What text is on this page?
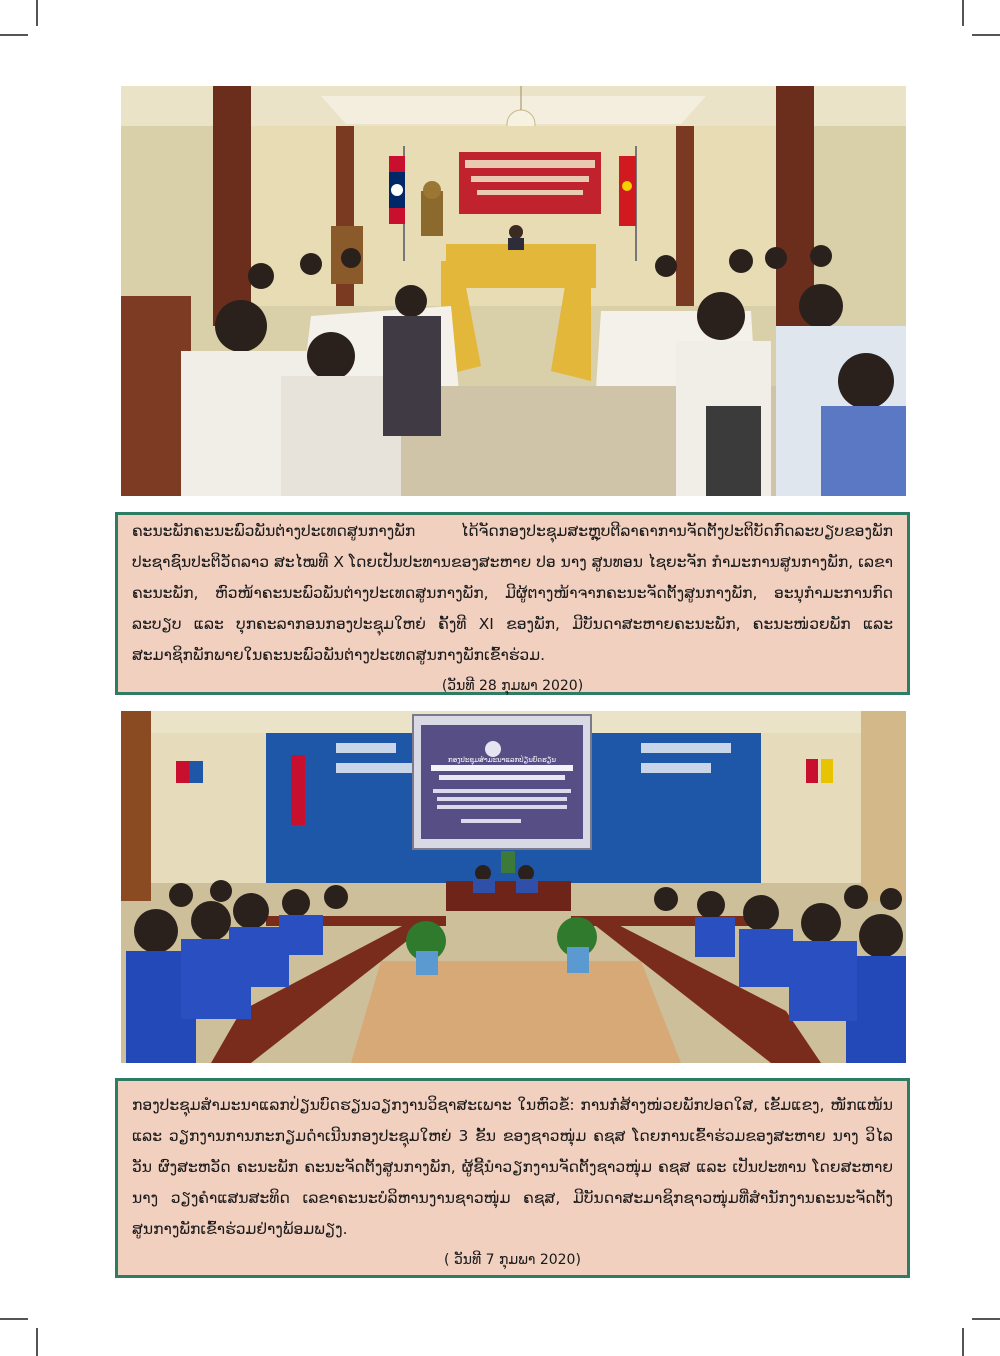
ຄະນະພັກຄະນະພົວພັນຕ່າງປະເທດສູນກາງພັກ ໄດ້ຈັດກອງປະຊຸມສະຫຼຸບຕີລາຄາການຈັດຕັ້ງປະຕິບັດກົດລະບຽບຂອງພັກປະຊາຊົນປະຕິວັດລາວ ສະໄໝທີ X ໂດຍເປັນປະທານຂອງສະຫາຍ ປອ ນາງ ສູນທອນ ໄຊຍະຈັກ ກຳມະການສູນກາງພັກ, ເລຂາຄະນະພັກ, ຫົວໜ້າຄະນະພົວພັນຕ່າງປະເທດສູນກາງພັກ, ມີຜູ້ຕາງໜ້າຈາກຄະນະຈັດຕັ້ງສູນກາງພັກ, ອະນຸກຳມະການກົດລະບຽບ ແລະ ບຸກຄະລາກອນກອງປະຊຸມໃຫຍ່ ຄັ້ງທີ XI ຂອງພັກ, ມີບັນດາສະຫາຍຄະນະພັກ, ຄະນະໜ່ວຍພັກ ແລະ ສະມາຊິກພັກພາຍໃນຄະນະພົວພັນຕ່າງປະເທດສູນກາງພັກເຂົ້າຮ່ວມ.
(ວັນທີ 28 ກຸມພາ 2020)
ກອງປະຊຸມສຳມະນາແລກປ່ຽນບົດຮຽນ
ກອງປະຊຸມສຳມະນາແລກປ່ຽນບົດຮຽນວຽກງານວິຊາສະເພາະ ໃນຫົວຂໍ້: ການກໍ່ສ້າງໜ່ວຍພັກປອດໃສ, ເຂັ້ມແຂງ, ໜັກແໜ້ນ ແລະ ວຽກງານການກະກຽມດຳເນີນກອງປະຊຸມໃຫຍ່ 3 ຂັ້ນ ຂອງຊາວໜຸ່ມ ຄຊສ ໂດຍການເຂົ້າຮ່ວມຂອງສະຫາຍ ນາງ ວິໄລວັນ ຜົງສະຫວັດ ຄະນະພັກ ຄະນະຈັດຕັ້ງສູນກາງພັກ, ຜູ້ຊີ້ນຳວຽກງານຈັດຕັ້ງຊາວໜຸ່ມ ຄຊສ ແລະ ເປັນປະທານ ໂດຍສະຫາຍ ນາງ ວຽງຄຳແສນສະທິດ ເລຂາຄະນະບໍລິຫານງານຊາວໜຸ່ມ ຄຊສ, ມີບັນດາສະມາຊິກຊາວໜຸ່ມທີ່ສຳນັກງານຄະນະຈັດຕັ້ງສູນກາງພັກເຂົ້າຮ່ວມຢ່າງພ້ອມພຽງ.
( ວັນທີ 7 ກຸມພາ 2020)
